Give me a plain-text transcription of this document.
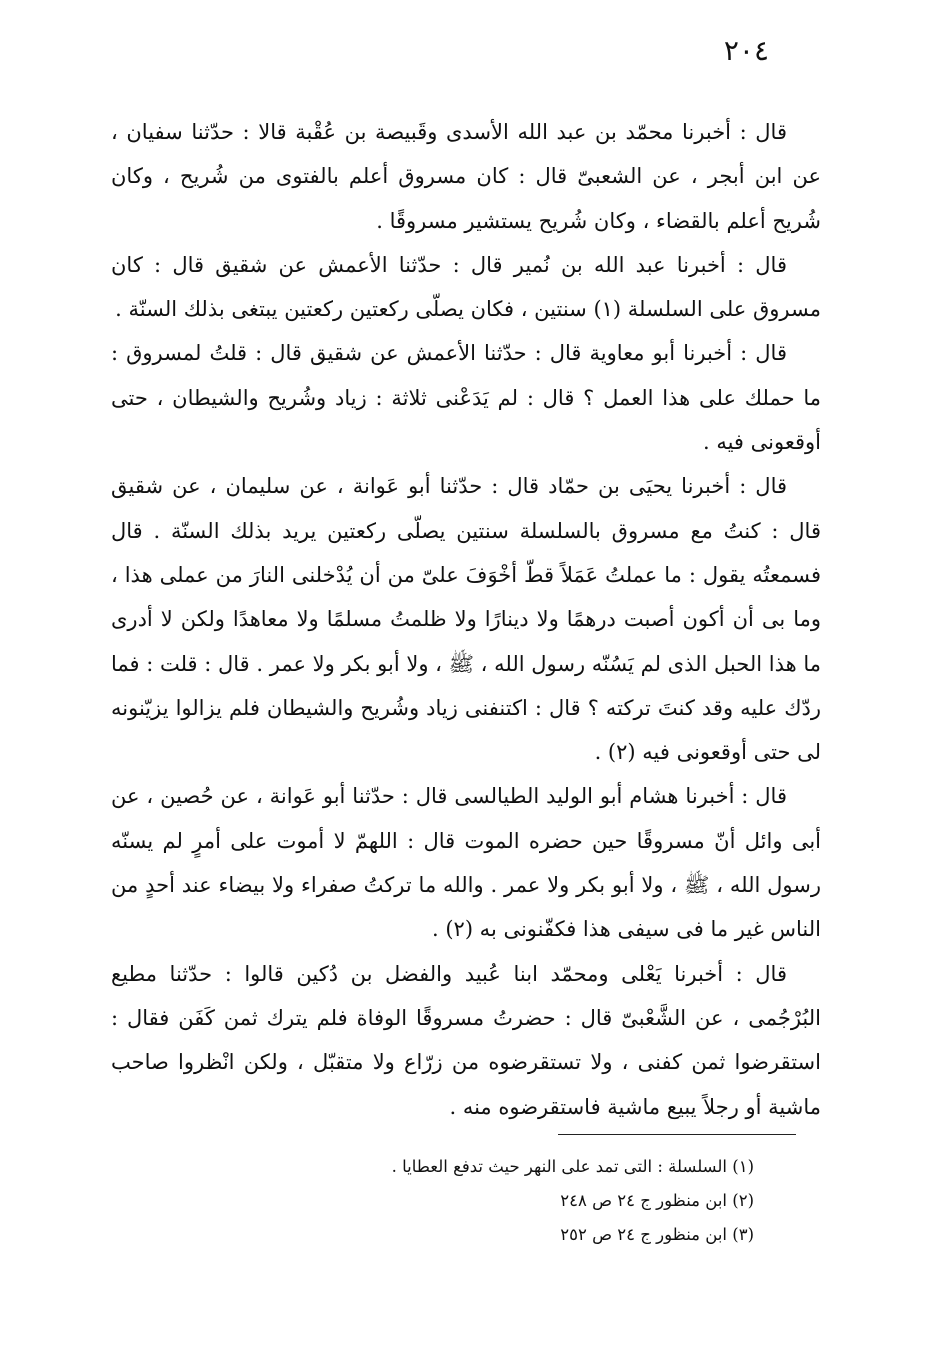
٢٠٤

قال : أخبرنا محمّد بن عبد الله الأسدى وقَبيصة بن عُقْبة قالا : حدّثنا سفيان ، عن ابن أبجر ، عن الشعبىّ قال : كان مسروق أعلم بالفتوى من شُريح ، وكان شُريح أعلم بالقضاء ، وكان شُريح يستشير مسروقًا .

قال : أخبرنا عبد الله بن نُمير قال : حدّثنا الأعمش عن شقيق قال : كان مسروق على السلسلة (١) سنتين ، فكان يصلّى ركعتين ركعتين يبتغى بذلك السنّة .

قال : أخبرنا أبو معاوية قال : حدّثنا الأعمش عن شقيق قال : قلتُ لمسروق : ما حملك على هذا العمل ؟ قال : لم يَدَعْنى ثلاثة : زياد وشُريح والشيطان ، حتى أوقعونى فيه .

قال : أخبرنا يحيَى بن حمّاد قال : حدّثنا أبو عَوانة ، عن سليمان ، عن شقيق قال : كنتُ مع مسروق بالسلسلة سنتين يصلّى ركعتين يريد بذلك السنّة . قال فسمعتُه يقول : ما عملتُ عَمَلاً قطّ أخْوَفَ علىّ من أن يُدْخلنى النارَ من عملى هذا ، وما بى أن أكون أصبت درهمًا ولا دينارًا ولا ظلمتُ مسلمًا ولا معاهدًا ولكن لا أدرى ما هذا الحبل الذى لم يَسُنّه رسول الله ، ﷺ ، ولا أبو بكر ولا عمر . قال : قلت : فما ردّك عليه وقد كنتَ تركته ؟ قال : اكتنفنى زياد وشُريح والشيطان فلم يزالوا يزيّنونه لى حتى أوقعونى فيه (٢) .

قال : أخبرنا هشام أبو الوليد الطيالسى قال : حدّثنا أبو عَوانة ، عن حُصين ، عن أبى وائل أنّ مسروقًا حين حضره الموت قال : اللهمّ لا أموت على أمرٍ لم يسنّه رسول الله ، ﷺ ، ولا أبو بكر ولا عمر . والله ما تركتُ صفراء ولا بيضاء عند أحدٍ من الناس غير ما فى سيفى هذا فكفّنونى به (٢) .

قال : أخبرنا يَعْلى ومحمّد ابنا عُبيد والفضل بن دُكين قالوا : حدّثنا مطيع البُرْجُمى ، عن الشَّعْبىّ قال : حضرتُ مسروقًا الوفاة فلم يترك ثمن كَفَن فقال : استقرضوا ثمن كفنى ، ولا تستقرضوه من زرّاع ولا متقبّل ، ولكن انْظروا صاحب ماشية أو رجلاً يبيع ماشية فاستقرضوه منه .

(١) السلسلة : التى تمد على النهر حيث تدفع العطايا .

(٢) ابن منظور ج ٢٤ ص ٢٤٨

(٣) ابن منظور ج ٢٤ ص ٢٥٢
